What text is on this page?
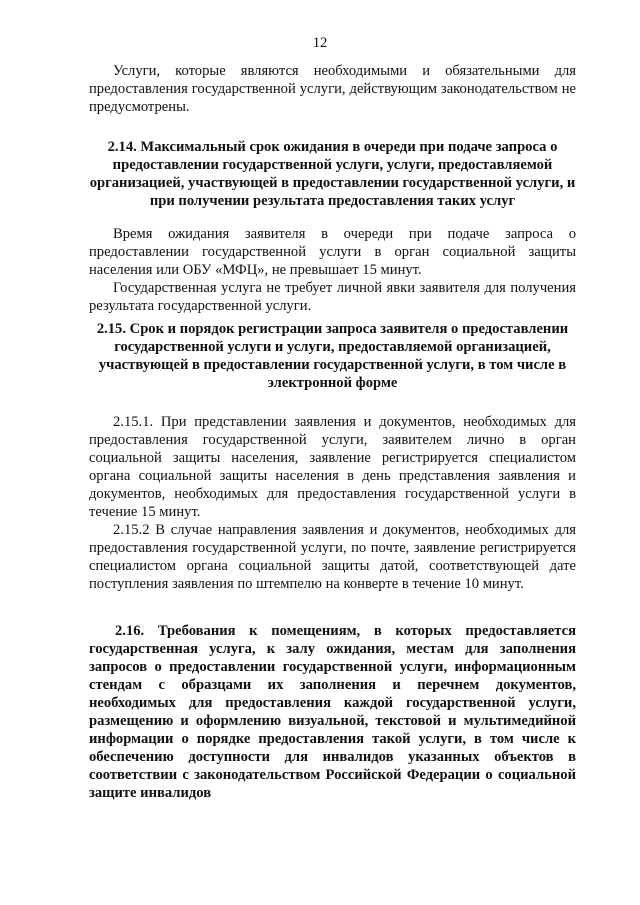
12

Услуги, которые являются необходимыми и обязательными для предоставления государственной услуги, действующим законодательством не предусмотрены.

2.14. Максимальный срок ожидания в очереди при подаче запроса о предоставлении государственной услуги, услуги, предоставляемой организацией, участвующей в предоставлении государственной услуги, и при получении результата предоставления таких услуг

Время ожидания заявителя в очереди при подаче запроса о предоставлении государственной услуги в орган социальной защиты населения или ОБУ «МФЦ», не превышает 15 минут.

Государственная услуга не требует личной явки заявителя для получения результата государственной услуги.

2.15. Срок и порядок регистрации запроса заявителя о предоставлении государственной услуги и услуги, предоставляемой организацией, участвующей в предоставлении государственной услуги, в том числе в электронной форме

2.15.1. При представлении заявления и документов, необходимых для предоставления государственной услуги, заявителем лично в орган социальной защиты населения, заявление регистрируется специалистом органа социальной защиты населения в день представления заявления и документов, необходимых для предоставления государственной услуги в течение 15 минут.

2.15.2 В случае направления заявления и документов, необходимых для предоставления государственной услуги, по почте, заявление регистрируется специалистом органа социальной защиты датой, соответствующей дате поступления заявления по штемпелю на конверте в течение 10 минут.

2.16. Требования к помещениям, в которых предоставляется государственная услуга, к залу ожидания, местам для заполнения запросов о предоставлении государственной услуги, информационным стендам с образцами их заполнения и перечнем документов, необходимых для предоставления каждой государственной услуги, размещению и оформлению визуальной, текстовой и мультимедийной информации о порядке предоставления такой услуги, в том числе к обеспечению доступности для инвалидов указанных объектов в соответствии с законодательством Российской Федерации о социальной защите инвалидов
